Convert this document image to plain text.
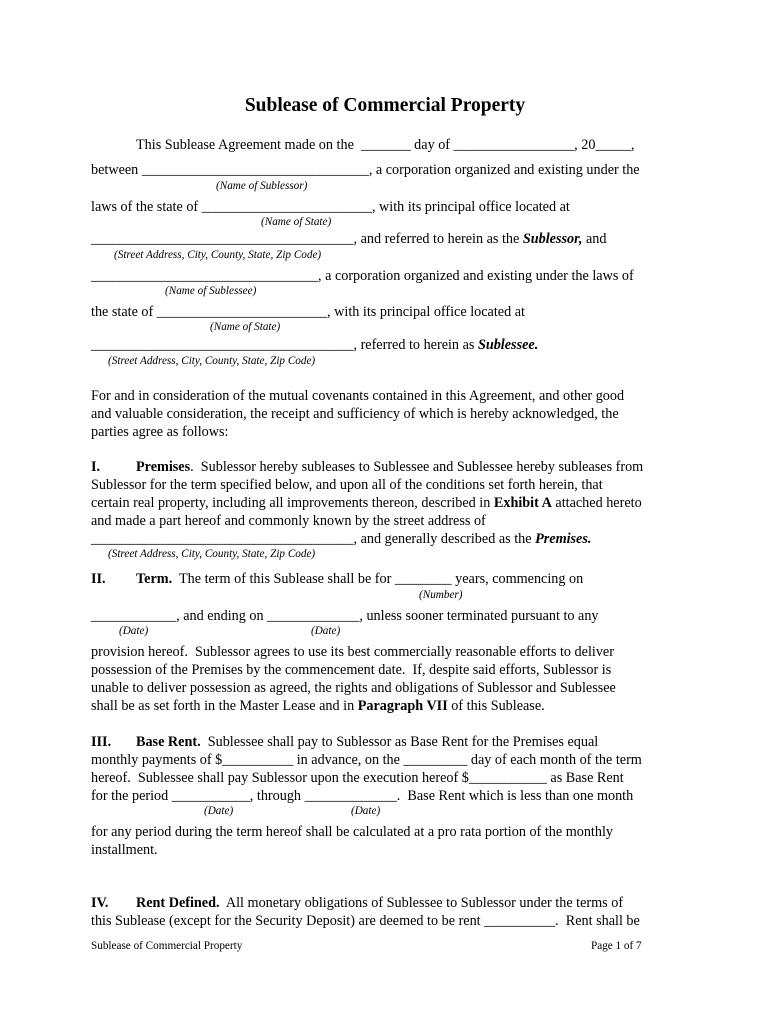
Sublease of Commercial Property
This Sublease Agreement made on the  _______ day of _________________, 20_____,
between ________________________________, a corporation organized and existing under the
(Name of Sublessor)
laws of the state of ________________________, with its principal office located at
(Name of State)
_____________________________________, and referred to herein as the Sublessor, and
(Street Address, City, County, State, Zip Code)
________________________________, a corporation organized and existing under the laws of
(Name of Sublessee)
the state of ________________________, with its principal office located at
(Name of State)
_____________________________________, referred to herein as Sublessee.
(Street Address, City, County, State, Zip Code)
For and in consideration of the mutual covenants contained in this Agreement, and other good
and valuable consideration, the receipt and sufficiency of which is hereby acknowledged, the
parties agree as follows:
I.	Premises.  Sublessor hereby subleases to Sublessee and Sublessee hereby subleases from
Sublessor for the term specified below, and upon all of the conditions set forth herein, that
certain real property, including all improvements thereon, described in Exhibit A attached hereto
and made a part hereof and commonly known by the street address of
_____________________________________, and generally described as the Premises.
(Street Address, City, County, State, Zip Code)
II. Term.  The term of this Sublease shall be for ________ years, commencing on
(Number)
____________, and ending on _____________, unless sooner terminated pursuant to any
(Date)	(Date)
provision hereof.  Sublessor agrees to use its best commercially reasonable efforts to deliver
possession of the Premises by the commencement date.  If, despite said efforts, Sublessor is
unable to deliver possession as agreed, the rights and obligations of Sublessor and Sublessee
shall be as set forth in the Master Lease and in Paragraph VII of this Sublease.
III. Base Rent.  Sublessee shall pay to Sublessor as Base Rent for the Premises equal
monthly payments of $__________ in advance, on the _________ day of each month of the term
hereof.  Sublessee shall pay Sublessor upon the execution hereof $___________ as Base Rent
for the period ___________, through _____________.  Base Rent which is less than one month
(Date)	(Date)
for any period during the term hereof shall be calculated at a pro rata portion of the monthly
installment.
IV. Rent Defined.  All monetary obligations of Sublessee to Sublessor under the terms of
this Sublease (except for the Security Deposit) are deemed to be rent __________.  Rent shall be
Sublease of Commercial Property	Page 1 of 7
